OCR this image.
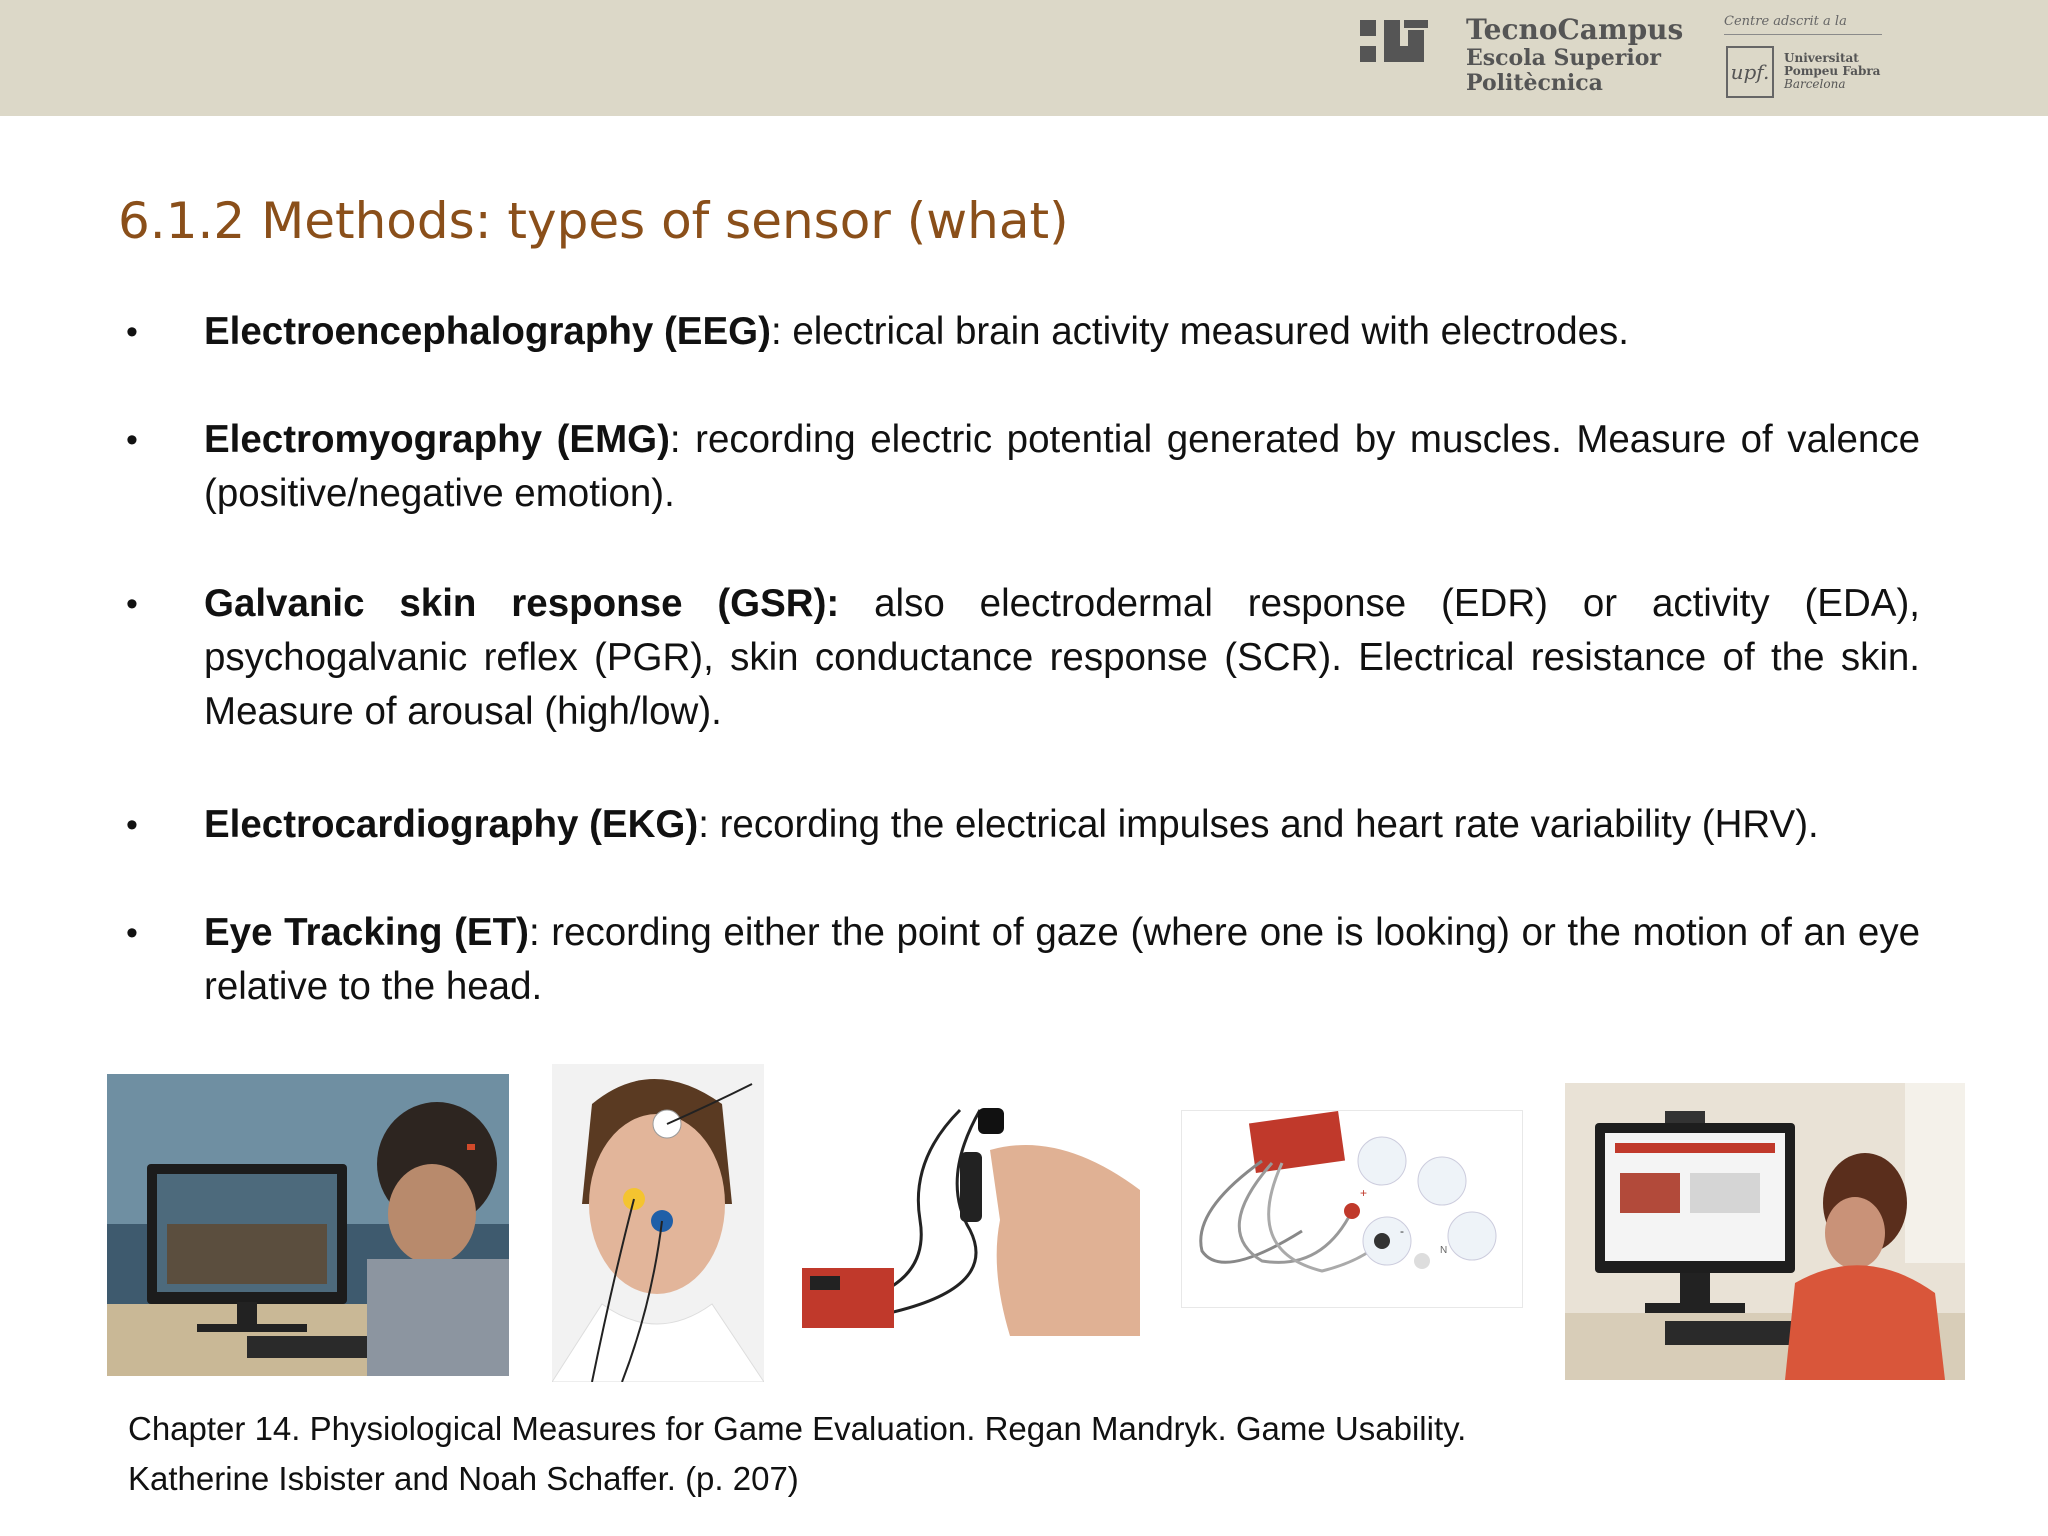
TecnoCampus
Escola Superior
Politècnica
Centre adscrit a la
upf.
Universitat
Pompeu Fabra
Barcelona
6.1.2 Methods: types of sensor (what)
• Electroencephalography (EEG): electrical brain activity measured with electrodes.
• Electromyography (EMG): recording electric potential generated by muscles. Measure of valence (positive/negative emotion).
• Galvanic skin response (GSR): also electrodermal response (EDR) or activity (EDA), psychogalvanic reflex (PGR), skin conductance response (SCR). Electrical resistance of the skin. Measure of arousal (high/low).
• Electrocardiography (EKG): recording the electrical impulses and heart rate variability (HRV).
• Eye Tracking (ET): recording either the point of gaze (where one is looking) or the motion of an eye relative to the head.
+
-
N
Chapter 14. Physiological Measures for Game Evaluation. Regan Mandryk. Game Usability.
Katherine Isbister and Noah Schaffer. (p. 207)
